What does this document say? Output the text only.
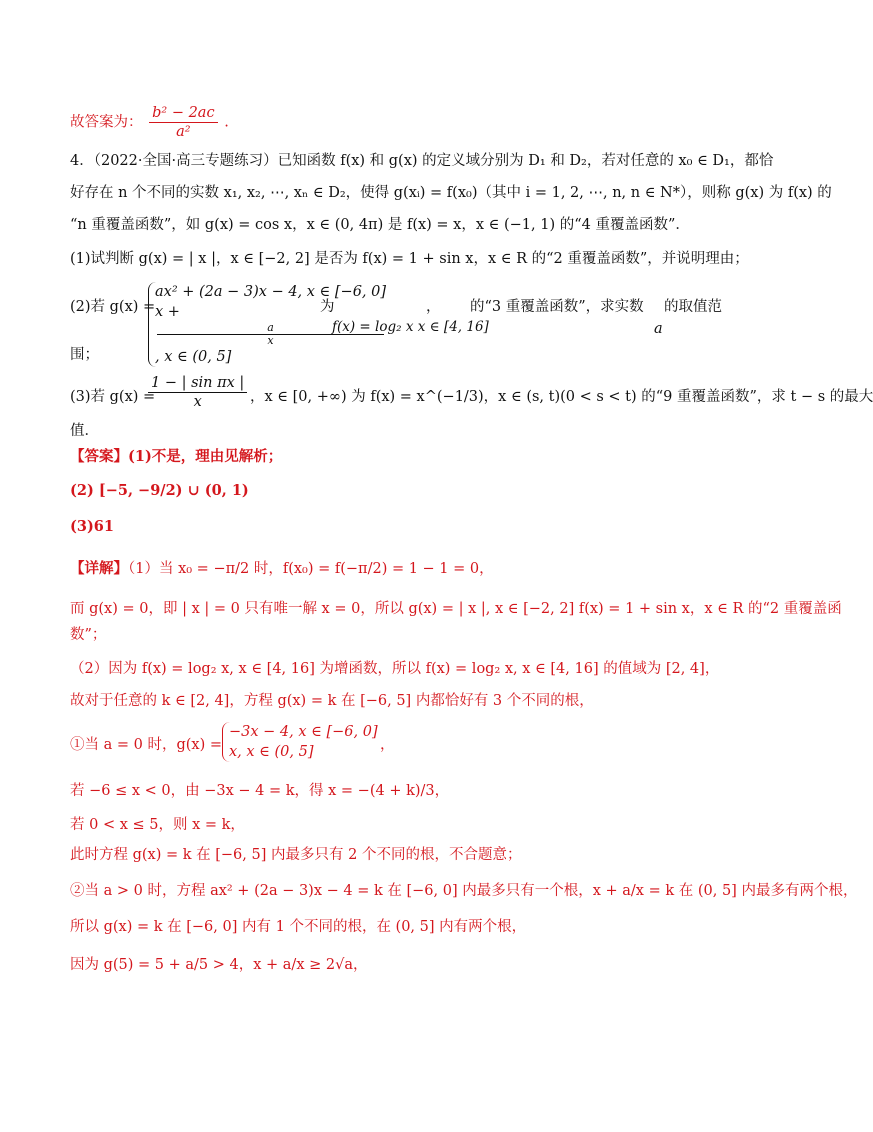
故答案为： $\frac{\text{b² − 2ac}}{\text{a²}}$ .
4．（2022·全国·高三专题练习）已知函数 f(x) 和 g(x) 的定义域分别为 D₁ 和 D₂，若对任意的 x₀ ∈ D₁，都恰
好存在 n 个不同的实数 x₁, x₂, ⋯, xₙ ∈ D₂，使得 g(xᵢ) = f(x₀)（其中 i = 1, 2, ⋯, n, n ∈ N*），则称 g(x) 为 f(x) 的
“n 重覆盖函数”，如 g(x) = cos x，x ∈ (0, 4π) 是 f(x) = x，x ∈ (−1, 1) 的“4 重覆盖函数”．
(1)试判断 g(x) = | x |，x ∈ [−2, 2] 是否为 f(x) = 1 + sin x，x ∈ R 的“2 重覆盖函数”，并说明理由；
(2)若 g(x) =
ax² + (2a − 3)x − 4, x ∈ [−6, 0]
x +
a
x
, x ∈ (0, 5]
为	， 的“3 重覆盖函数”，求实数 的取值范
f(x) = log₂ x x ∈ [4, 16]	a
围；
(3)若 g(x) =
$\frac{\text{1 − | sin πx |}}{x}$ ，x ∈ [0, +∞) 为 f(x) = x^(−1/3)，x ∈ (s, t)(0 < s < t) 的“9 重覆盖函数”，求 t − s 的最大
值．
【答案】(1)不是，理由见解析；
(2) [−5, −9/2) ∪ (0, 1)
(3)61
【详解】（1）当 x₀ = −π/2 时，f(x₀) = f(−π/2) = 1 − 1 = 0，
而 g(x) = 0，即 | x | = 0 只有唯一解 x = 0，所以 g(x) = | x |, x ∈ [−2, 2] f(x) = 1 + sin x，x ∈ R 的“2 重覆盖函
数”；
（2）因为 f(x) = log₂ x, x ∈ [4, 16] 为增函数，所以 f(x) = log₂ x, x ∈ [4, 16] 的值域为 [2, 4]，
故对于任意的 k ∈ [2, 4]，方程 g(x) = k 在 [−6, 5] 内都恰好有 3 个不同的根，
①当 a = 0 时，g(x) =
−3x − 4, x ∈ [−6, 0]
x, x ∈ (0, 5]	，
若 −6 ≤ x < 0，由 −3x − 4 = k，得 x = −(4 + k)/3，
若 0 < x ≤ 5，则 x = k，
此时方程 g(x) = k 在 [−6, 5] 内最多只有 2 个不同的根，不合题意；
②当 a > 0 时，方程 ax² + (2a − 3)x − 4 = k 在 [−6, 0] 内最多只有一个根，x + a/x = k 在 (0, 5] 内最多有两个根，
所以 g(x) = k 在 [−6, 0] 内有 1 个不同的根，在 (0, 5] 内有两个根，
因为 g(5) = 5 + a/5 > 4，x + a/x ≥ 2√a，
